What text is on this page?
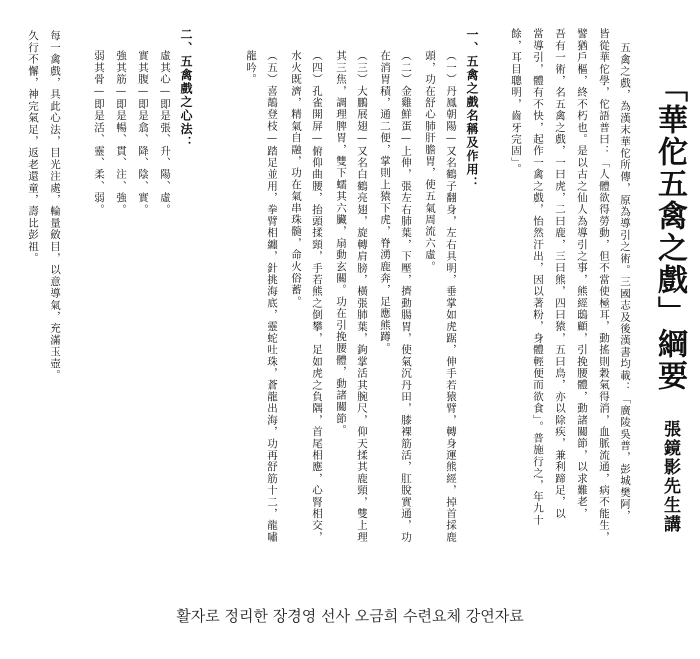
「華佗五禽之戲」綱要
張鏡影先生講
五禽之戲，為漢末華佗所傳，原為導引之術。三國志及後漢書均載：「廣陵吳普，彭城樊阿，
皆從華佗學，佗語普曰：「人體欲得勞動，但不當使極耳，動搖則穀氣得消，血脈流通，病不能生，
譬猶戶樞，終不朽也。是以古之仙人為導引之事，熊經鴟顧，引挽腰體，動諸關節，以求難老，
吾有一術，名五禽之戲，一曰虎，二曰鹿，三曰熊，四曰猿，五曰鳥，亦以除疾，兼利蹄足，以
當導引，體有不快，起作一禽之戲，怡然汗出，因以著粉，身體輕便而欲食」。普施行之，年九十
餘，耳目聰明，齒牙完固」。
一、五禽之戲名稱及作用：
（一）丹鳳朝陽—又名鶴子翻身，左右具明，垂掌如虎踞，伸手若猿臂，轉身運熊經，掉首採鹿
頭，功在舒心肺肝膽胃，使五氣周流六虛。
（二）金雞鮮蛋—上伸，張左右肺葉，下壓，擠動腸胃，使氣沉丹田，膝裸筋活，肛脫實通，功
在消胃積，通二便，掌則上猿下虎，脊湧鹿奔，足應熊蹲。
（三）大鵬展翅—又名白鶴亮翅，旋轉肩膀，橫張肺葉，鉤掌活其腕尺，仰天揉其鹿頸，雙上理
其三焦，調理脾胃，雙下蠕其六臟，扇動玄關。功在引挽腰體，動諸關節。
（四）孔雀開屏—俯仰曲腰，抬頭揉頸，手若熊之倒攀，足如虎之負隅，首尾相應，心腎相交，
水火既濟，精氣自融，功在氣串珠髓，命火俗蓄。
（五）喜鵲登枝—踏足並用，拳臂相纏，針挑海底，靈蛇吐珠，蒼龍出海，功再舒筋十二，龍嘯
龍吟。
二、五禽戲之心法：
虛其心—即是張、升、陽、虛。
實其腹—即是翕、降、陰、實。
強其筋—即是暢、貫、注、強。
弱其骨—即是活、靈、柔、弱。
每一禽戲，具此心法，目光注處，輪量斂目，以意導氣，充滿玉壺。
久行不懈，神完氣足，返老還童，壽比彭祖。
활자로 정리한 장경영 선사 오금희 수련요체 강연자료
